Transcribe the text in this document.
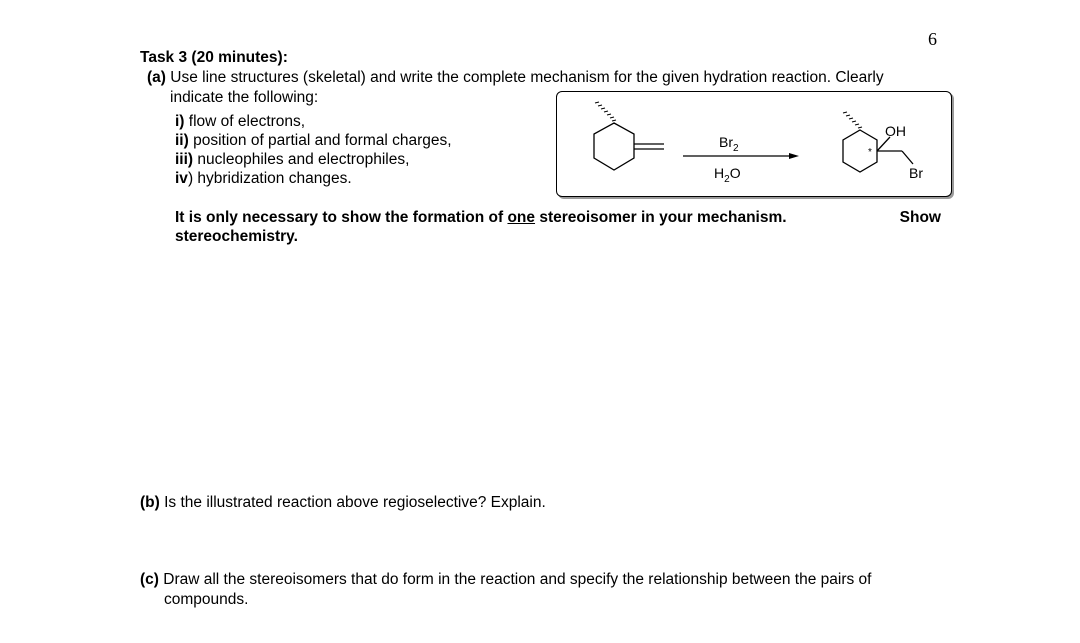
6
Task 3 (20 minutes):
(a) Use line structures (skeletal) and write the complete mechanism for the given hydration reaction. Clearly
indicate the following:
i) flow of electrons,
ii) position of partial and formal charges,
iii) nucleophiles and electrophiles,
iv) hybridization changes.
$Br_2$
$H_2O$
OH
Br
*
It is only necessary to show the formation of one stereoisomer in your mechanism.	Show
stereochemistry.
(b) Is the illustrated reaction above regioselective? Explain.
(c) Draw all the stereoisomers that do form in the reaction and specify the relationship between the pairs of
compounds.
